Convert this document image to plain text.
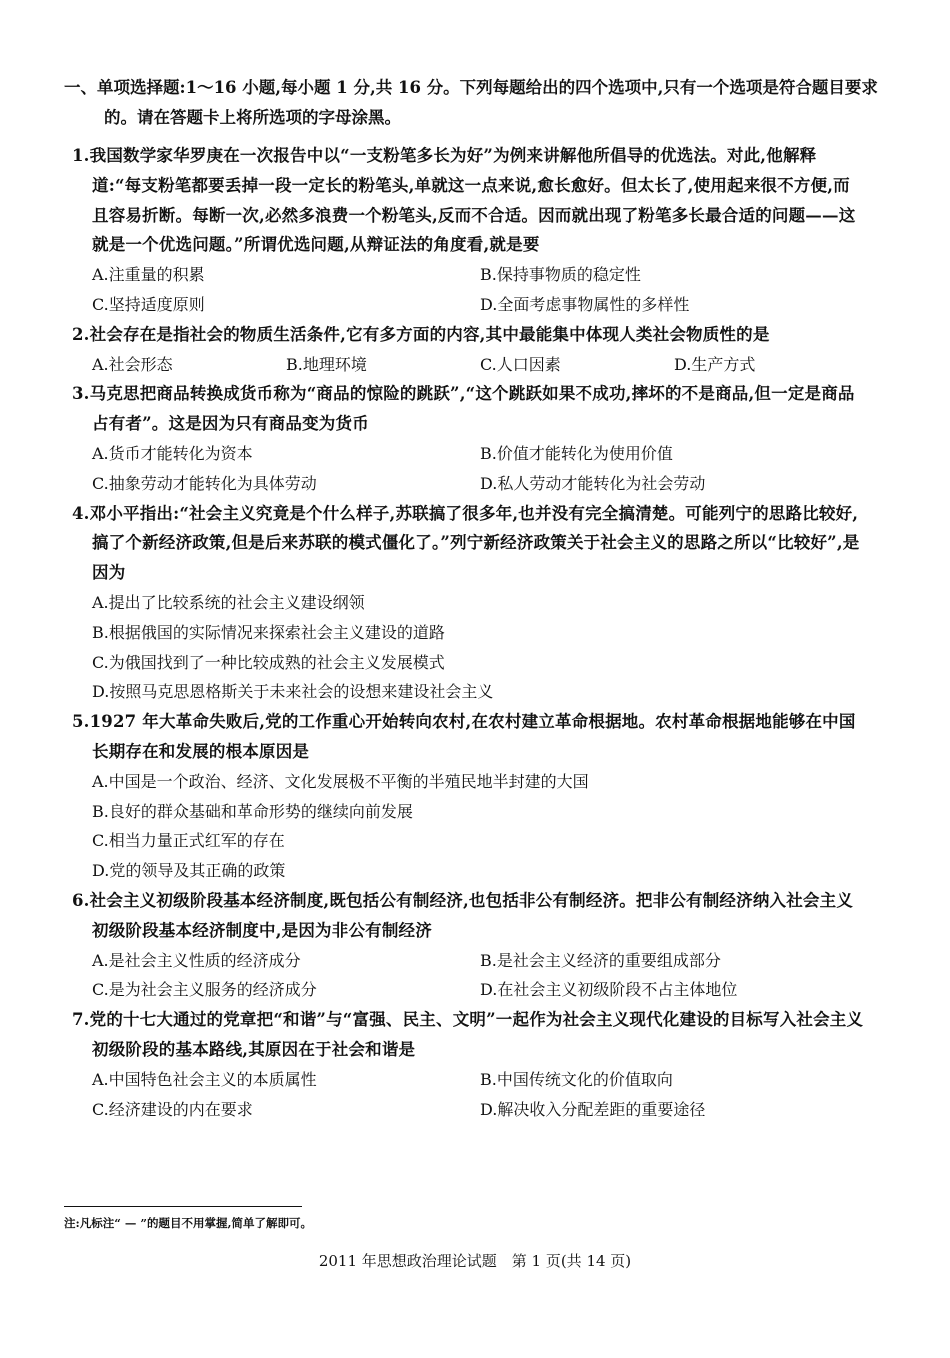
一、单项选择题:1～16 小题,每小题 1 分,共 16 分。下列每题给出的四个选项中,只有一个选项是符合题目要求的。请在答题卡上将所选项的字母涂黑。
1.我国数学家华罗庚在一次报告中以“一支粉笔多长为好”为例来讲解他所倡导的优选法。对此,他解释道:“每支粉笔都要丢掉一段一定长的粉笔头,单就这一点来说,愈长愈好。但太长了,使用起来很不方便,而且容易折断。每断一次,必然多浪费一个粉笔头,反而不合适。因而就出现了粉笔多长最合适的问题——这就是一个优选问题。”所谓优选问题,从辩证法的角度看,就是要
A.注重量的积累	B.保持事物质的稳定性
C.坚持适度原则	D.全面考虑事物属性的多样性
2.社会存在是指社会的物质生活条件,它有多方面的内容,其中最能集中体现人类社会物质性的是
A.社会形态	B.地理环境	C.人口因素	D.生产方式
3.马克思把商品转换成货币称为“商品的惊险的跳跃”,“这个跳跃如果不成功,摔坏的不是商品,但一定是商品占有者”。这是因为只有商品变为货币
A.货币才能转化为资本	B.价值才能转化为使用价值
C.抽象劳动才能转化为具体劳动	D.私人劳动才能转化为社会劳动
4.邓小平指出:“社会主义究竟是个什么样子,苏联搞了很多年,也并没有完全搞清楚。可能列宁的思路比较好,搞了个新经济政策,但是后来苏联的模式僵化了。”列宁新经济政策关于社会主义的思路之所以“比较好”,是因为
A.提出了比较系统的社会主义建设纲领
B.根据俄国的实际情况来探索社会主义建设的道路
C.为俄国找到了一种比较成熟的社会主义发展模式
D.按照马克思恩格斯关于未来社会的设想来建设社会主义
5.1927 年大革命失败后,党的工作重心开始转向农村,在农村建立革命根据地。农村革命根据地能够在中国长期存在和发展的根本原因是
A.中国是一个政治、经济、文化发展极不平衡的半殖民地半封建的大国
B.良好的群众基础和革命形势的继续向前发展
C.相当力量正式红军的存在
D.党的领导及其正确的政策
6.社会主义初级阶段基本经济制度,既包括公有制经济,也包括非公有制经济。把非公有制经济纳入社会主义初级阶段基本经济制度中,是因为非公有制经济
A.是社会主义性质的经济成分	B.是社会主义经济的重要组成部分
C.是为社会主义服务的经济成分	D.在社会主义初级阶段不占主体地位
7.党的十七大通过的党章把“和谐”与“富强、民主、文明”一起作为社会主义现代化建设的目标写入社会主义初级阶段的基本路线,其原因在于社会和谐是
A.中国特色社会主义的本质属性	B.中国传统文化的价值取向
C.经济建设的内在要求	D.解决收入分配差距的重要途径
注:凡标注“ — ”的题目不用掌握,简单了解即可。
2011 年思想政治理论试题　第 1 页(共 14 页)
